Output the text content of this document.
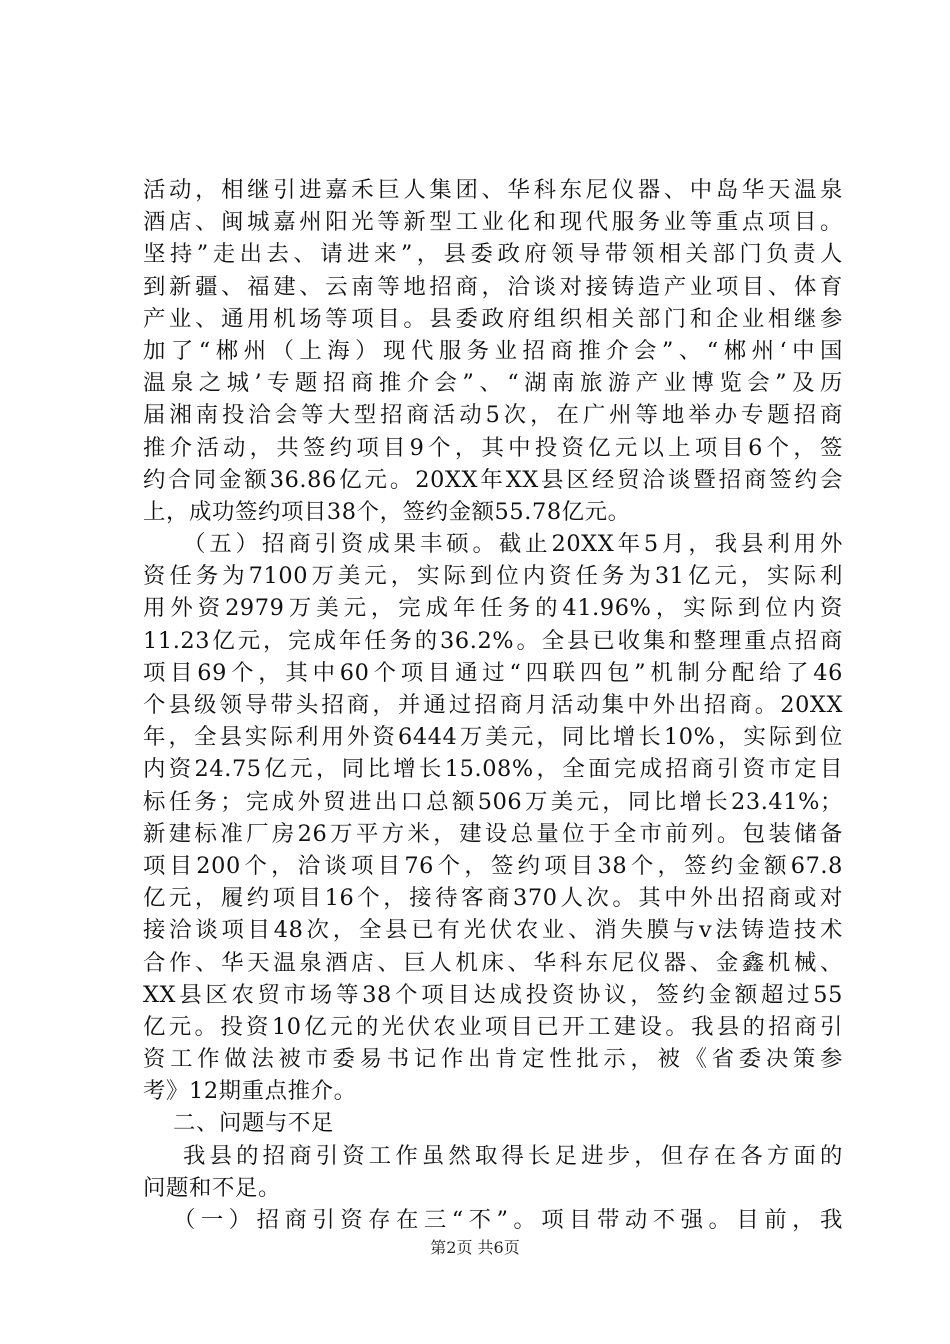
活动，相继引进嘉禾巨人集团、华科东尼仪器、中岛华天温泉
酒店、闽城嘉州阳光等新型工业化和现代服务业等重点项目。
坚持”走出去、请进来”，县委政府领导带领相关部门负责人
到新疆、福建、云南等地招商，洽谈对接铸造产业项目、体育
产业、通用机场等项目。县委政府组织相关部门和企业相继参
加了“郴州（上海）现代服务业招商推介会”、“郴州‘中国
温泉之城’专题招商推介会”、“湖南旅游产业博览会”及历
届湘南投洽会等大型招商活动5次，在广州等地举办专题招商
推介活动，共签约项目9个，其中投资亿元以上项目6个，签
约合同金额36.86亿元。20XX年XX县区经贸洽谈暨招商签约会
上，成功签约项目38个，签约金额55.78亿元。
（五）招商引资成果丰硕。截止20XX年5月，我县利用外
资任务为7100万美元，实际到位内资任务为31亿元，实际利
用外资2979万美元，完成年任务的41.96%，实际到位内资
11.23亿元，完成年任务的36.2%。全县已收集和整理重点招商
项目69个，其中60个项目通过“四联四包”机制分配给了46
个县级领导带头招商，并通过招商月活动集中外出招商。20XX
年，全县实际利用外资6444万美元，同比增长10%，实际到位
内资24.75亿元，同比增长15.08%，全面完成招商引资市定目
标任务；完成外贸进出口总额506万美元，同比增长23.41%；
新建标准厂房26万平方米，建设总量位于全市前列。包装储备
项目200个，洽谈项目76个，签约项目38个，签约金额67.8
亿元，履约项目16个，接待客商370人次。其中外出招商或对
接洽谈项目48次，全县已有光伏农业、消失膜与v法铸造技术
合作、华天温泉酒店、巨人机床、华科东尼仪器、金鑫机械、
XX县区农贸市场等38个项目达成投资协议，签约金额超过55
亿元。投资10亿元的光伏农业项目已开工建设。我县的招商引
资工作做法被市委易书记作出肯定性批示，被《省委决策参
考》12期重点推介。
二、问题与不足
我县的招商引资工作虽然取得长足进步，但存在各方面的
问题和不足。
（一）招商引资存在三“不”。项目带动不强。目前，我
第2页 共6页
